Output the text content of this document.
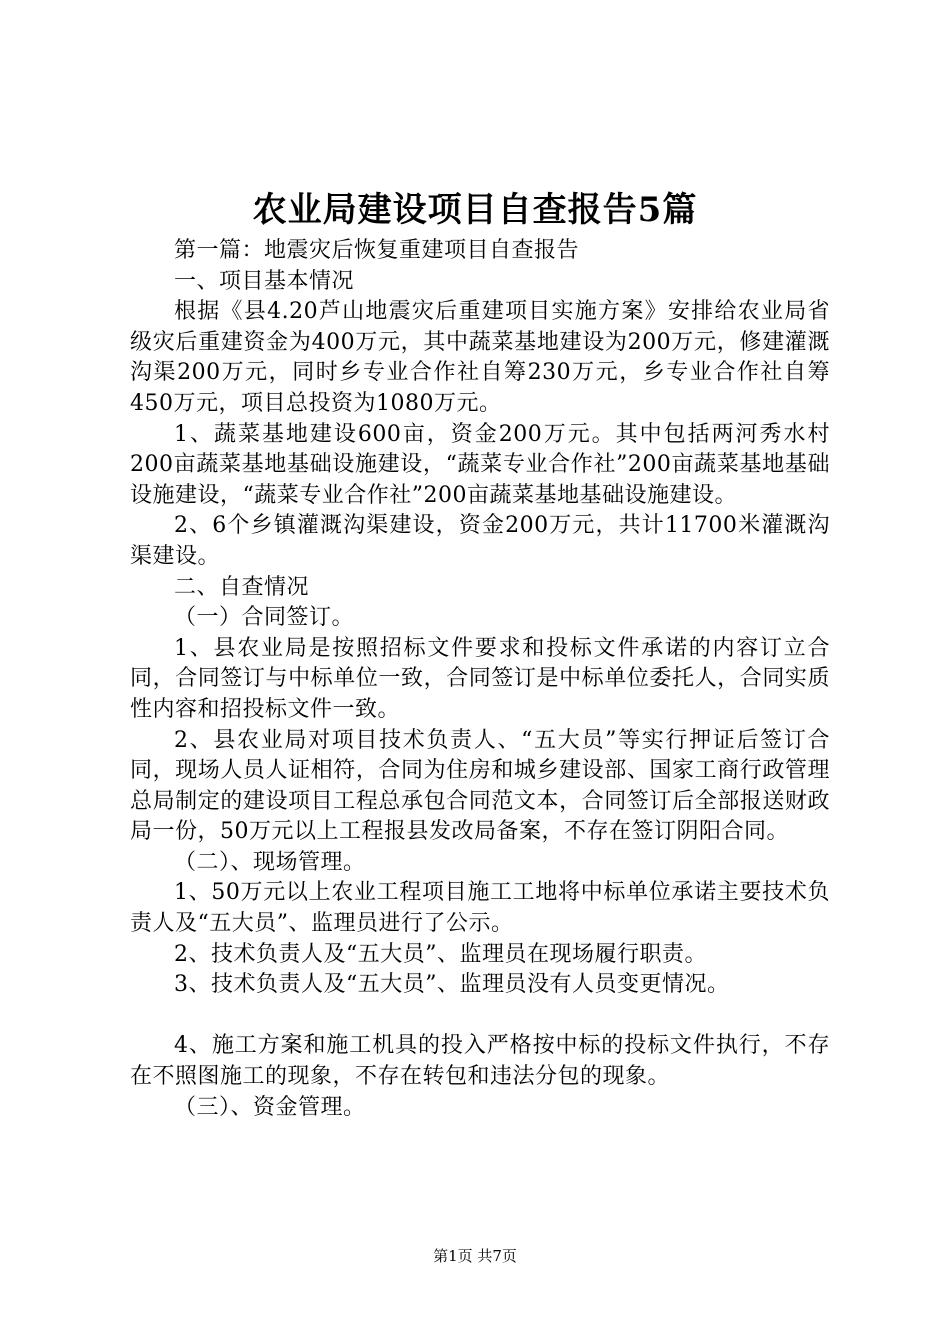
农业局建设项目自查报告5篇

第一篇：地震灾后恢复重建项目自查报告

一、项目基本情况

根据《县4.20芦山地震灾后重建项目实施方案》安排给农业局省级灾后重建资金为400万元，其中蔬菜基地建设为200万元，修建灌溉沟渠200万元，同时乡专业合作社自筹230万元，乡专业合作社自筹450万元，项目总投资为1080万元。

1、蔬菜基地建设600亩，资金200万元。其中包括两河秀水村200亩蔬菜基地基础设施建设，“蔬菜专业合作社”200亩蔬菜基地基础设施建设，“蔬菜专业合作社”200亩蔬菜基地基础设施建设。

2、6个乡镇灌溉沟渠建设，资金200万元，共计11700米灌溉沟渠建设。

二、自查情况

（一）合同签订。

1、县农业局是按照招标文件要求和投标文件承诺的内容订立合同，合同签订与中标单位一致，合同签订是中标单位委托人，合同实质性内容和招投标文件一致。

2、县农业局对项目技术负责人、“五大员”等实行押证后签订合同，现场人员人证相符，合同为住房和城乡建设部、国家工商行政管理总局制定的建设项目工程总承包合同范文本，合同签订后全部报送财政局一份，50万元以上工程报县发改局备案，不存在签订阴阳合同。

（二）、现场管理。

1、50万元以上农业工程项目施工工地将中标单位承诺主要技术负责人及“五大员”、监理员进行了公示。

2、技术负责人及“五大员”、监理员在现场履行职责。

3、技术负责人及“五大员”、监理员没有人员变更情况。

4、施工方案和施工机具的投入严格按中标的投标文件执行，不存在不照图施工的现象，不存在转包和违法分包的现象。

（三）、资金管理。

第1页 共7页
